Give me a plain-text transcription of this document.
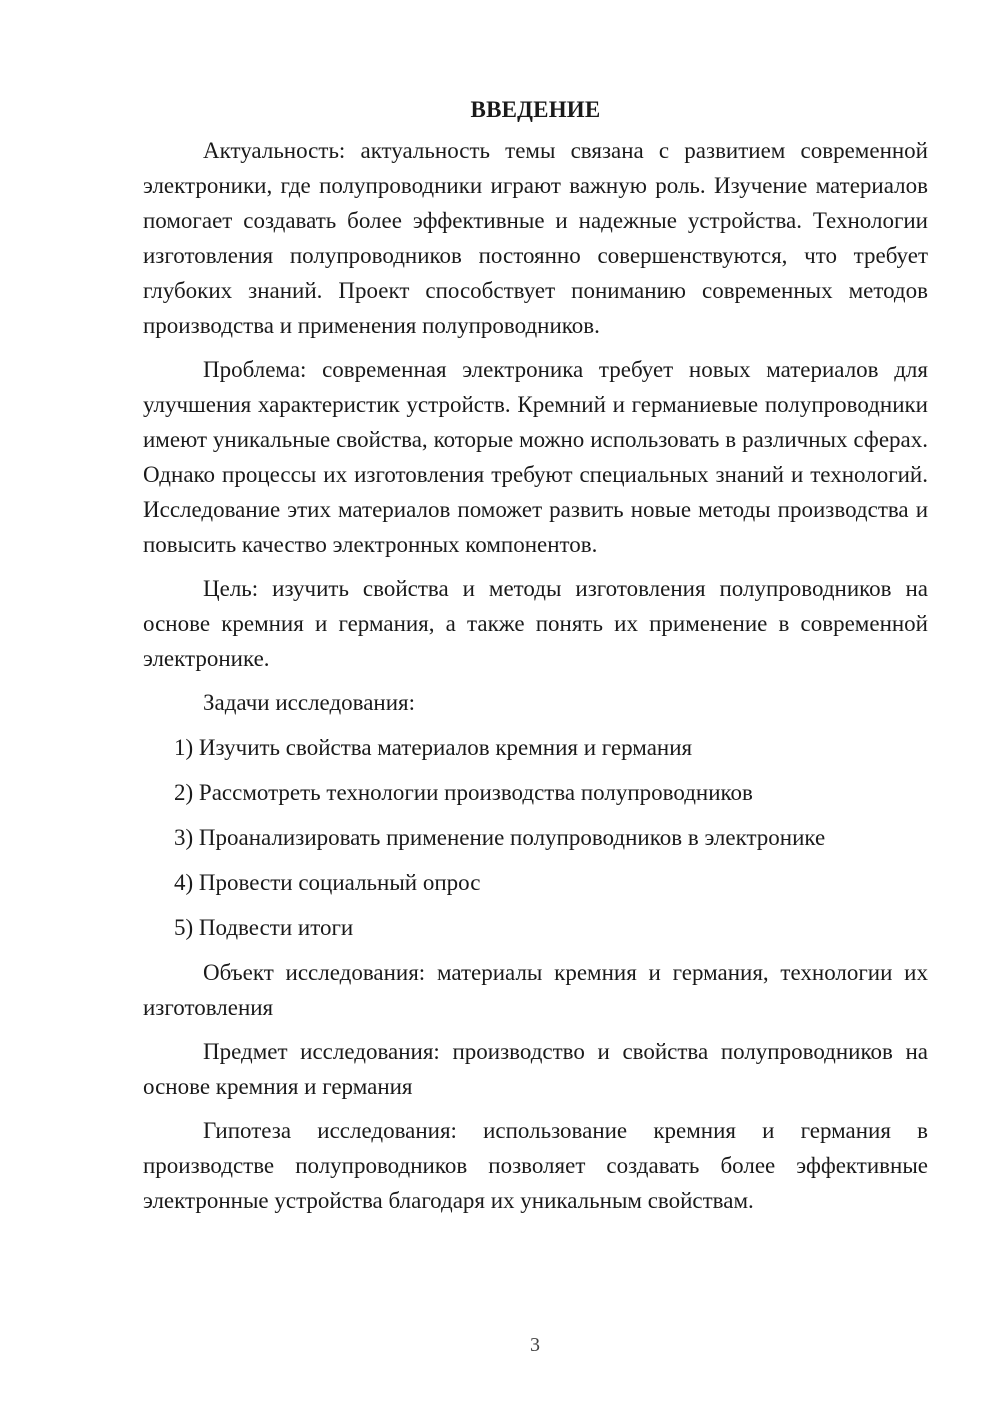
ВВЕДЕНИЕ

Актуальность: актуальность темы связана с развитием современной электроники, где полупроводники играют важную роль. Изучение материалов помогает создавать более эффективные и надежные устройства. Технологии изготовления полупроводников постоянно совершенствуются, что требует глубоких знаний. Проект способствует пониманию современных методов производства и применения полупроводников.

Проблема: современная электроника требует новых материалов для улучшения характеристик устройств. Кремний и германиевые полупроводники имеют уникальные свойства, которые можно использовать в различных сферах. Однако процессы их изготовления требуют специальных знаний и технологий. Исследование этих материалов поможет развить новые методы производства и повысить качество электронных компонентов.

Цель: изучить свойства и методы изготовления полупроводников на основе кремния и германия, а также понять их применение в современной электронике.

Задачи исследования:

1) Изучить свойства материалов кремния и германия
2) Рассмотреть технологии производства полупроводников
3) Проанализировать применение полупроводников в электронике
4) Провести социальный опрос
5) Подвести итоги

Объект исследования: материалы кремния и германия, технологии их изготовления

Предмет исследования: производство и свойства полупроводников на основе кремния и германия

Гипотеза исследования: использование кремния и германия в производстве полупроводников позволяет создавать более эффективные электронные устройства благодаря их уникальным свойствам.

3
